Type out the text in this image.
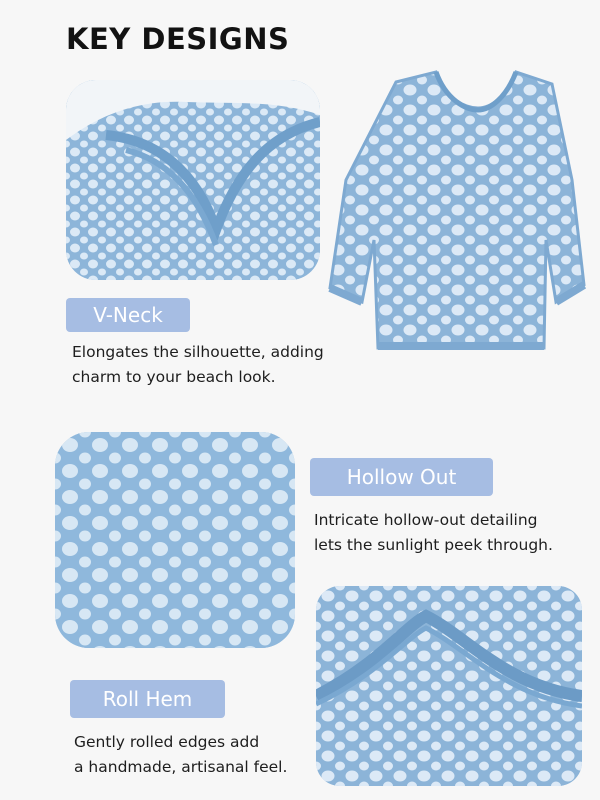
KEY DESIGNS
V-Neck
Elongates the silhouette, adding
charm to your beach look.
Hollow Out
Intricate hollow-out detailing
lets the sunlight peek through.
Roll Hem
Gently rolled edges add
a handmade, artisanal feel.
